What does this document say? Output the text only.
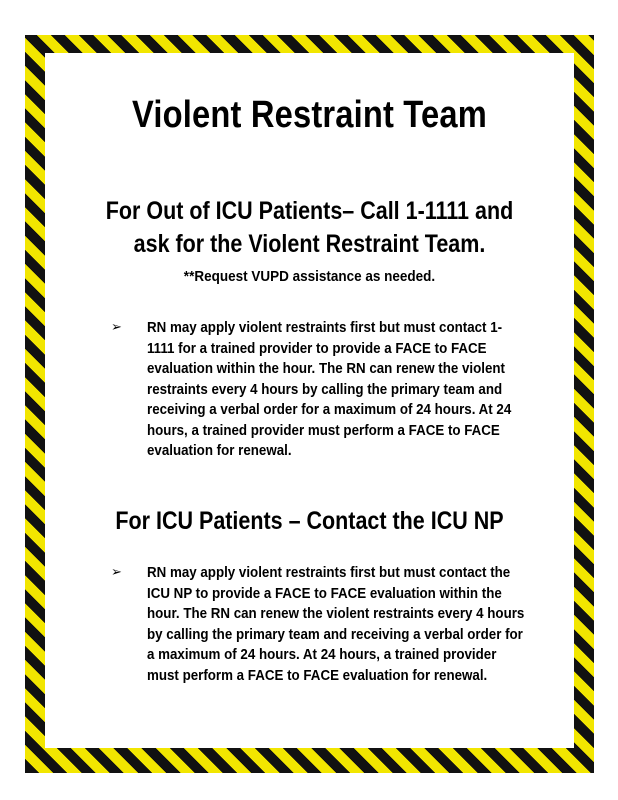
Violent Restraint Team
For Out of ICU Patients– Call 1-1111 and
ask for the Violent Restraint Team.
**Request VUPD assistance as needed.
➢	RN may apply violent restraints first but must contact 1-1111 for a trained provider to provide a FACE to FACE evaluation within the hour. The RN can renew the violent restraints every 4 hours by calling the primary team and receiving a verbal order for a maximum of 24 hours. At 24 hours, a trained provider must perform a FACE to FACE evaluation for renewal.
For ICU Patients – Contact the ICU NP
➢	RN may apply violent restraints first but must contact the ICU NP to provide a FACE to FACE evaluation within the hour. The RN can renew the violent restraints every 4 hours by calling the primary team and receiving a verbal order for a maximum of 24 hours. At 24 hours, a trained provider must perform a FACE to FACE evaluation for renewal.
